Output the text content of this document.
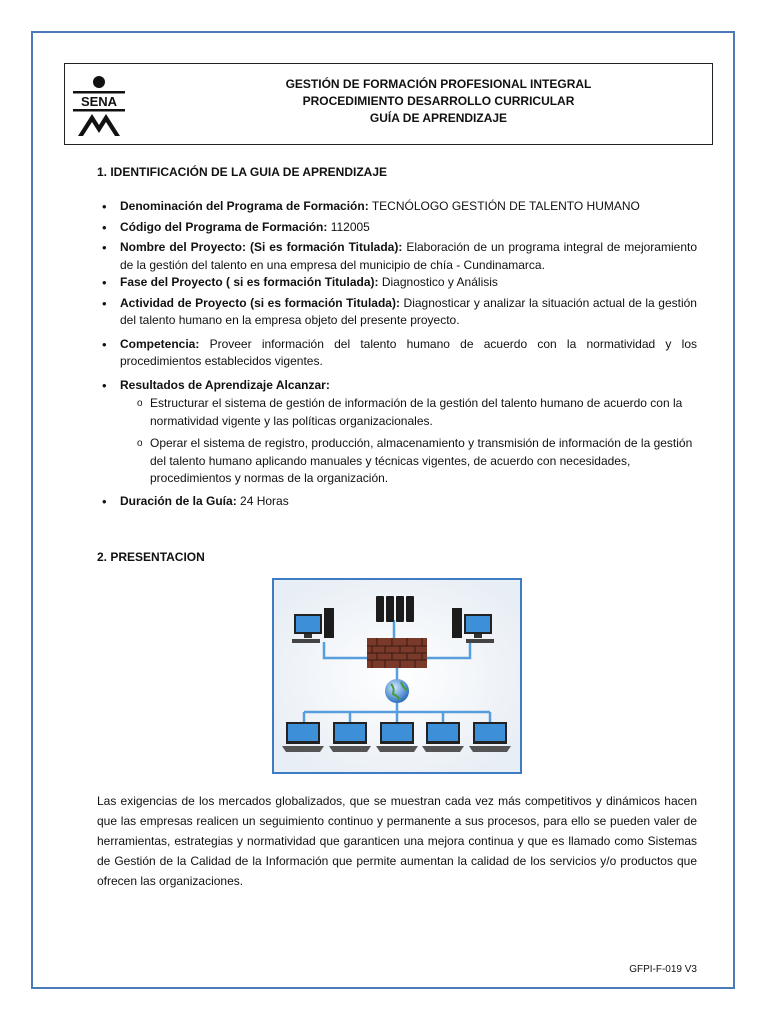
SENA
GESTIÓN DE FORMACIÓN PROFESIONAL INTEGRAL
PROCEDIMIENTO DESARROLLO CURRICULAR
GUÍA DE APRENDIZAJE
1. IDENTIFICACIÓN DE LA GUIA DE APRENDIZAJE
• Denominación del Programa de Formación: TECNÓLOGO GESTIÓN DE TALENTO HUMANO
• Código del Programa de Formación: 112005
• Nombre del Proyecto: (Si es formación Titulada): Elaboración de un programa integral de mejoramiento de la gestión del talento en una empresa del municipio de chía - Cundinamarca.
• Fase del Proyecto ( si es formación Titulada): Diagnostico y Análisis
• Actividad de Proyecto (si es formación Titulada): Diagnosticar y analizar la situación actual de la gestión del talento humano en la empresa objeto del presente proyecto.
• Competencia: Proveer información del talento humano de acuerdo con la normatividad y los procedimientos establecidos vigentes.
• Resultados de Aprendizaje Alcanzar:
o Estructurar el sistema de gestión de información de la gestión del talento humano de acuerdo con la normatividad vigente y las políticas organizacionales.
o Operar el sistema de registro, producción, almacenamiento y transmisión de información de la gestión del talento humano aplicando manuales y técnicas vigentes, de acuerdo con necesidades, procedimientos y normas de la organización.
• Duración de la Guía: 24 Horas
2. PRESENTACION
Las exigencias de los mercados globalizados, que se muestran cada vez más competitivos y dinámicos hacen que las empresas realicen un seguimiento continuo y permanente a sus procesos, para ello se pueden valer de herramientas, estrategias y normatividad que garanticen una mejora continua y que es llamado como Sistemas de Gestión de la Calidad de la Información que permite aumentan la calidad de los servicios y/o productos que ofrecen las organizaciones.
GFPI-F-019 V3
